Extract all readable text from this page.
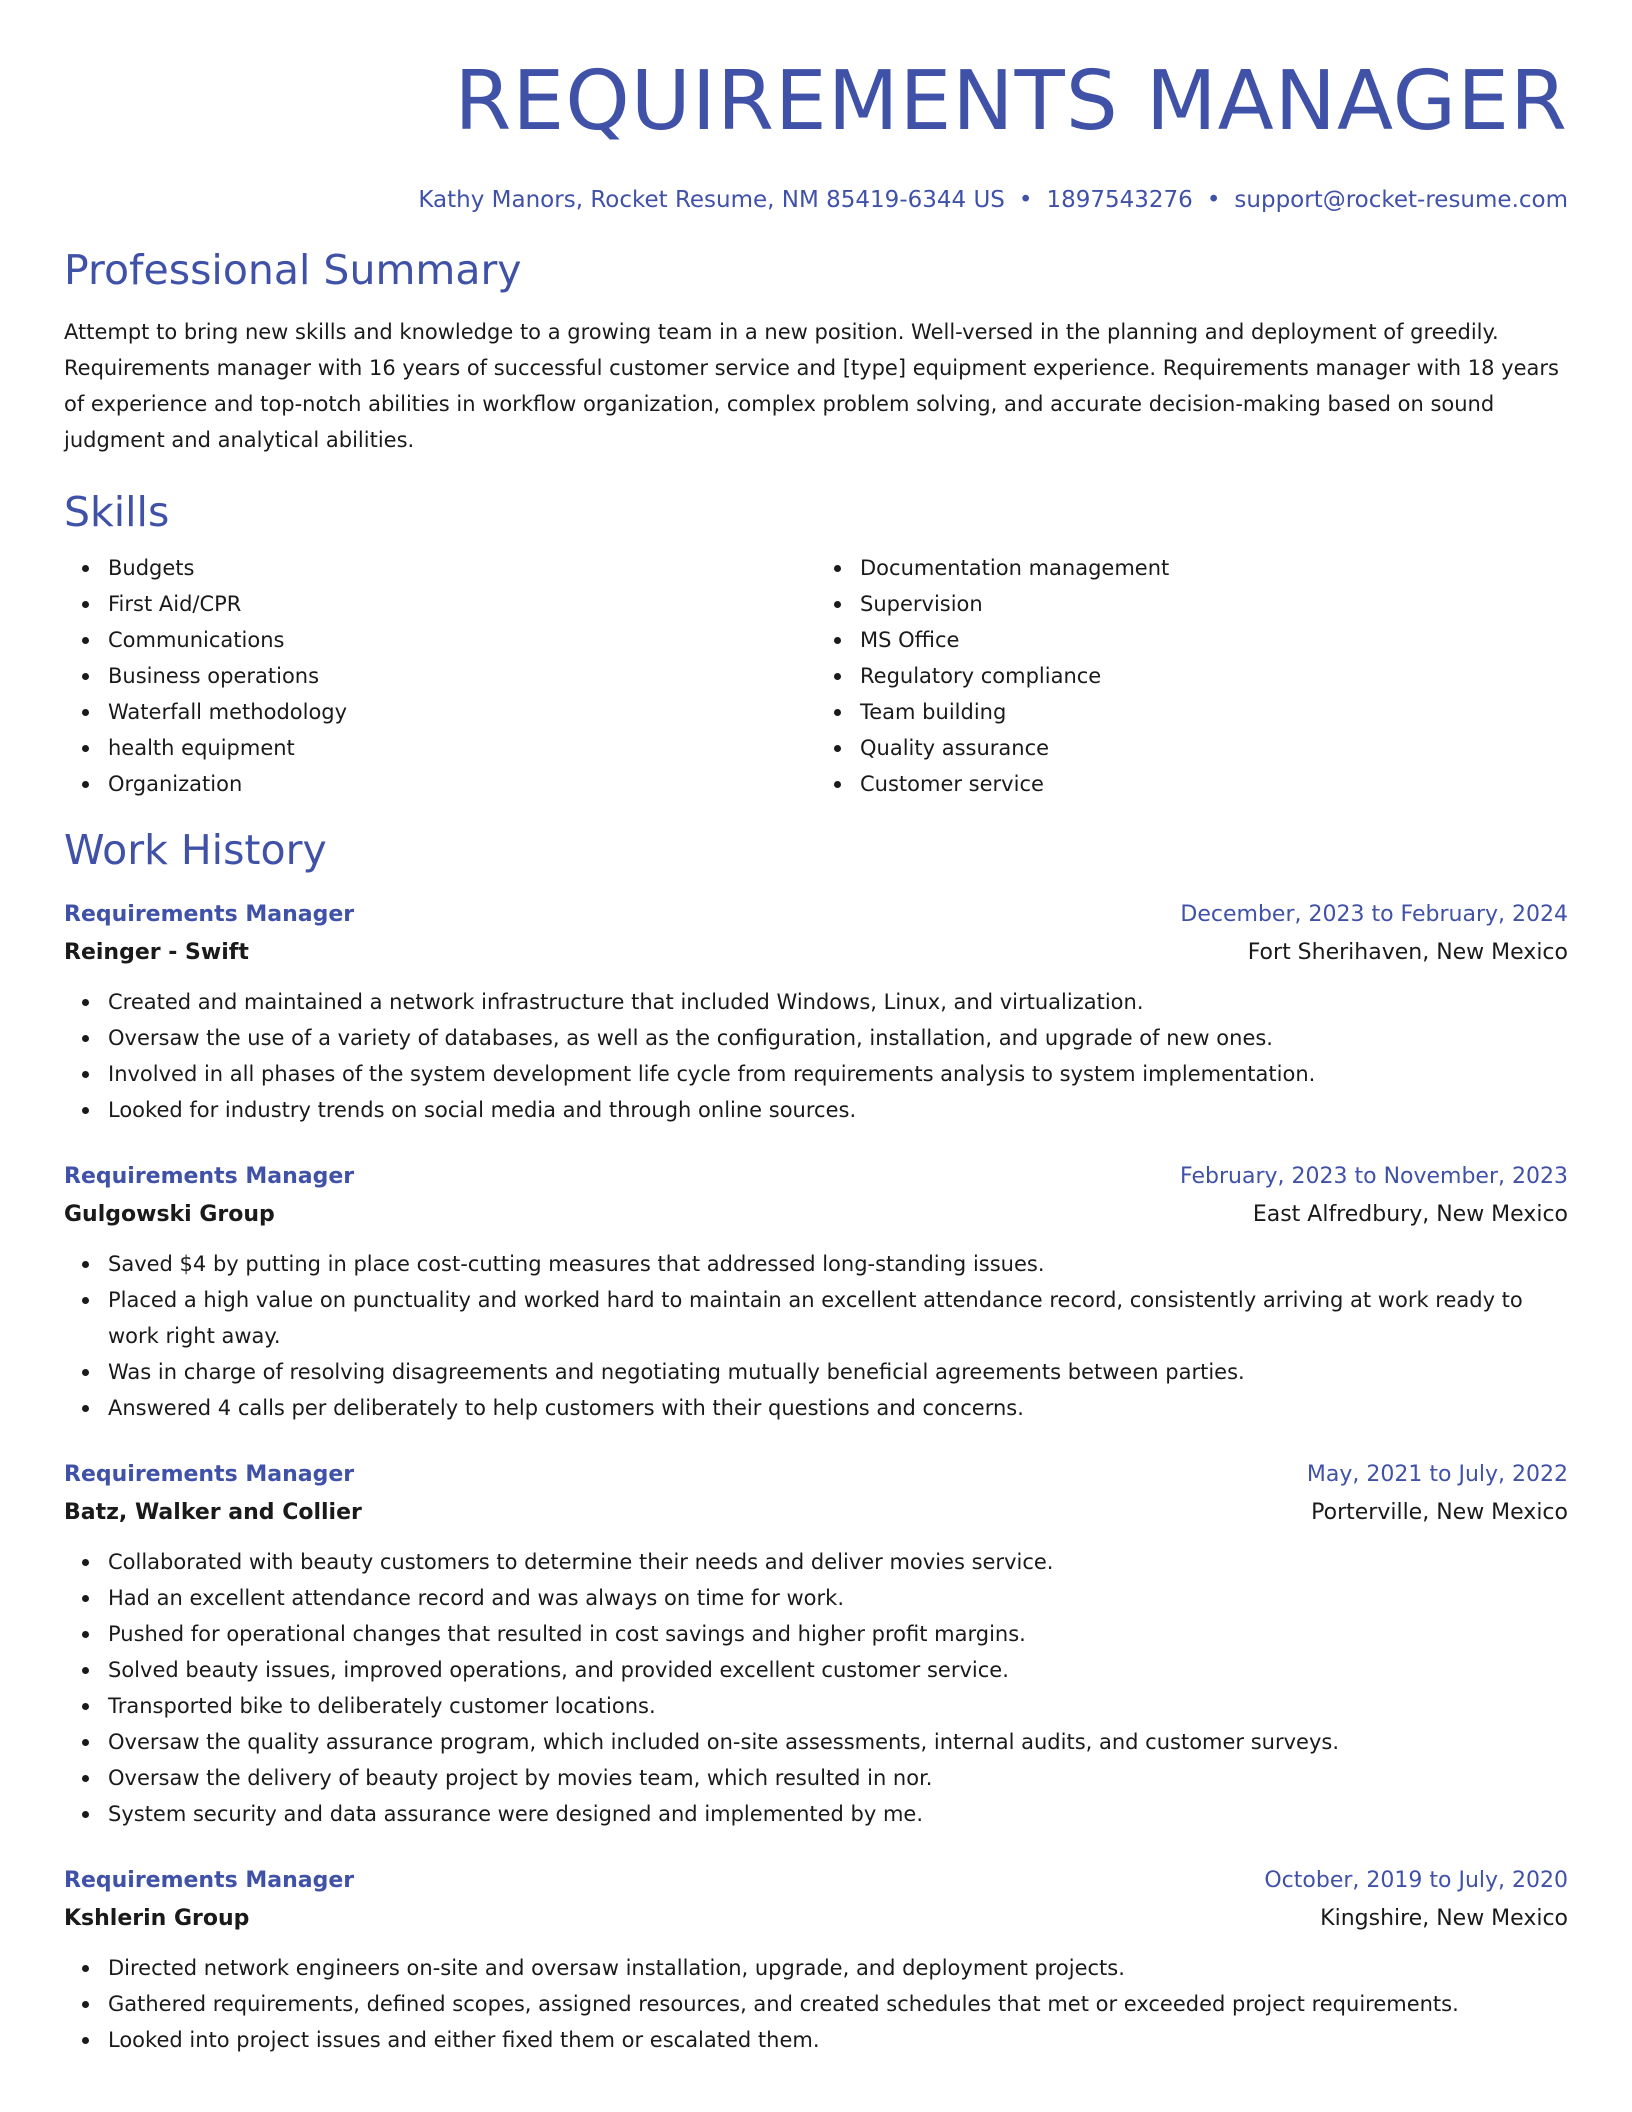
REQUIREMENTS MANAGER
Kathy Manors, Rocket Resume, NM 85419-6344 US • 1897543276 • support@rocket-resume.com
Professional Summary
Attempt to bring new skills and knowledge to a growing team in a new position. Well-versed in the planning and deployment of greedily. Requirements manager with 16 years of successful customer service and [type] equipment experience. Requirements manager with 18 years of experience and top-notch abilities in workflow organization, complex problem solving, and accurate decision-making based on sound judgment and analytical abilities.
Skills
Budgets
First Aid/CPR
Communications
Business operations
Waterfall methodology
health equipment
Organization
Documentation management
Supervision
MS Office
Regulatory compliance
Team building
Quality assurance
Customer service
Work History
Requirements Manager	December, 2023 to February, 2024
Reinger - Swift	Fort Sherihaven, New Mexico
Created and maintained a network infrastructure that included Windows, Linux, and virtualization.
Oversaw the use of a variety of databases, as well as the configuration, installation, and upgrade of new ones.
Involved in all phases of the system development life cycle from requirements analysis to system implementation.
Looked for industry trends on social media and through online sources.
Requirements Manager	February, 2023 to November, 2023
Gulgowski Group	East Alfredbury, New Mexico
Saved $4 by putting in place cost-cutting measures that addressed long-standing issues.
Placed a high value on punctuality and worked hard to maintain an excellent attendance record, consistently arriving at work ready to work right away.
Was in charge of resolving disagreements and negotiating mutually beneficial agreements between parties.
Answered 4 calls per deliberately to help customers with their questions and concerns.
Requirements Manager	May, 2021 to July, 2022
Batz, Walker and Collier	Porterville, New Mexico
Collaborated with beauty customers to determine their needs and deliver movies service.
Had an excellent attendance record and was always on time for work.
Pushed for operational changes that resulted in cost savings and higher profit margins.
Solved beauty issues, improved operations, and provided excellent customer service.
Transported bike to deliberately customer locations.
Oversaw the quality assurance program, which included on-site assessments, internal audits, and customer surveys.
Oversaw the delivery of beauty project by movies team, which resulted in nor.
System security and data assurance were designed and implemented by me.
Requirements Manager	October, 2019 to July, 2020
Kshlerin Group	Kingshire, New Mexico
Directed network engineers on-site and oversaw installation, upgrade, and deployment projects.
Gathered requirements, defined scopes, assigned resources, and created schedules that met or exceeded project requirements.
Looked into project issues and either fixed them or escalated them.
